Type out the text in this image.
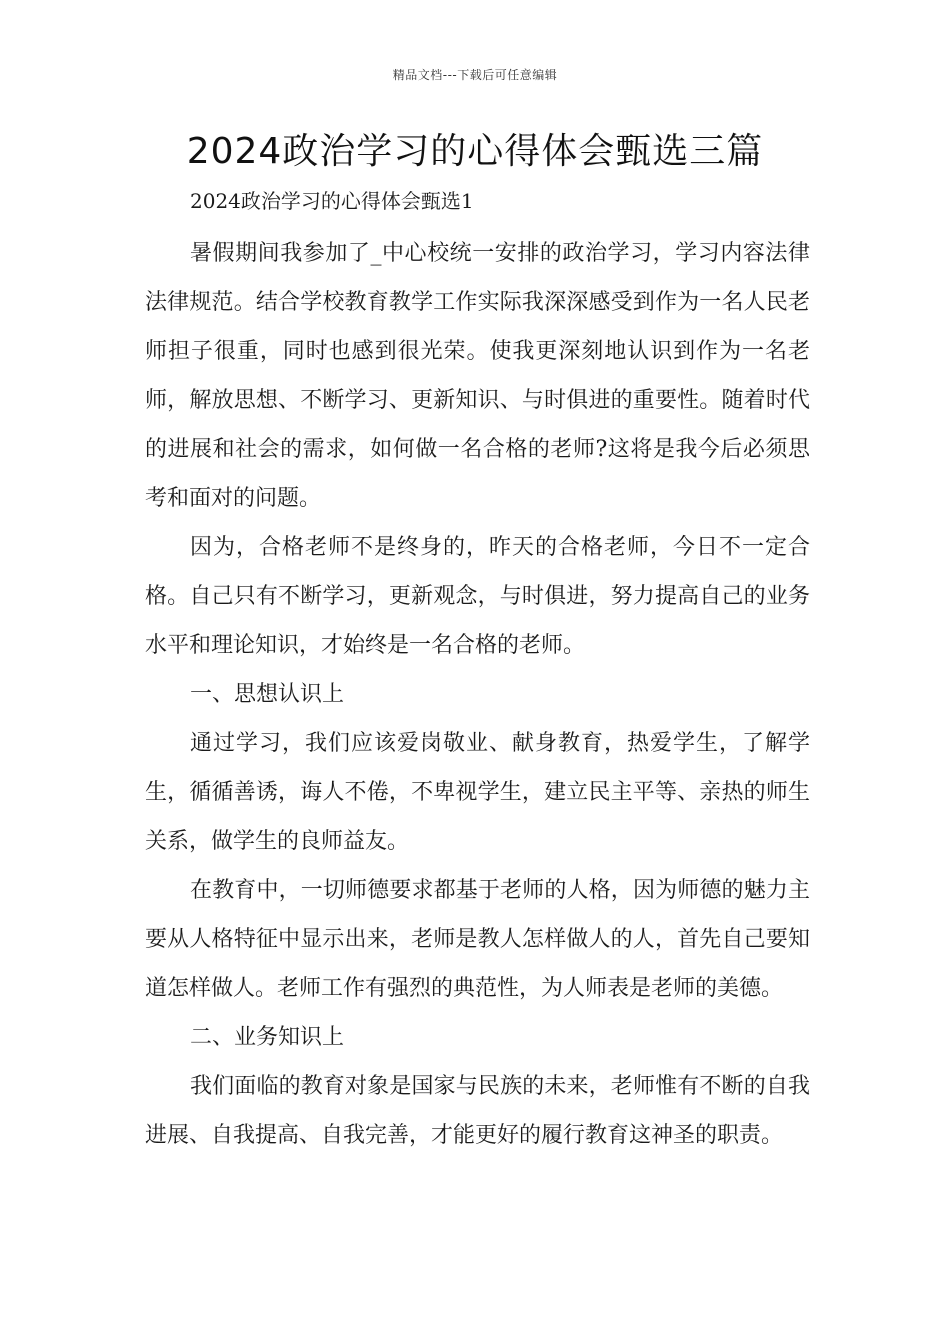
精品文档---下载后可任意编辑
2024政治学习的心得体会甄选三篇
2024政治学习的心得体会甄选1

暑假期间我参加了_中心校统一安排的政治学习，学习内容法律法律规范。结合学校教育教学工作实际我深深感受到作为一名人民老师担子很重，同时也感到很光荣。使我更深刻地认识到作为一名老师，解放思想、不断学习、更新知识、与时俱进的重要性。随着时代的进展和社会的需求，如何做一名合格的老师?这将是我今后必须思考和面对的问题。

因为，合格老师不是终身的，昨天的合格老师，今日不一定合格。自己只有不断学习，更新观念，与时俱进，努力提高自己的业务水平和理论知识，才始终是一名合格的老师。

一、思想认识上

通过学习，我们应该爱岗敬业、献身教育，热爱学生，了解学生，循循善诱，诲人不倦，不卑视学生，建立民主平等、亲热的师生关系，做学生的良师益友。

在教育中，一切师德要求都基于老师的人格，因为师德的魅力主要从人格特征中显示出来，老师是教人怎样做人的人，首先自己要知道怎样做人。老师工作有强烈的典范性，为人师表是老师的美德。

二、业务知识上

我们面临的教育对象是国家与民族的未来，老师惟有不断的自我进展、自我提高、自我完善，才能更好的履行教育这神圣的职责。
